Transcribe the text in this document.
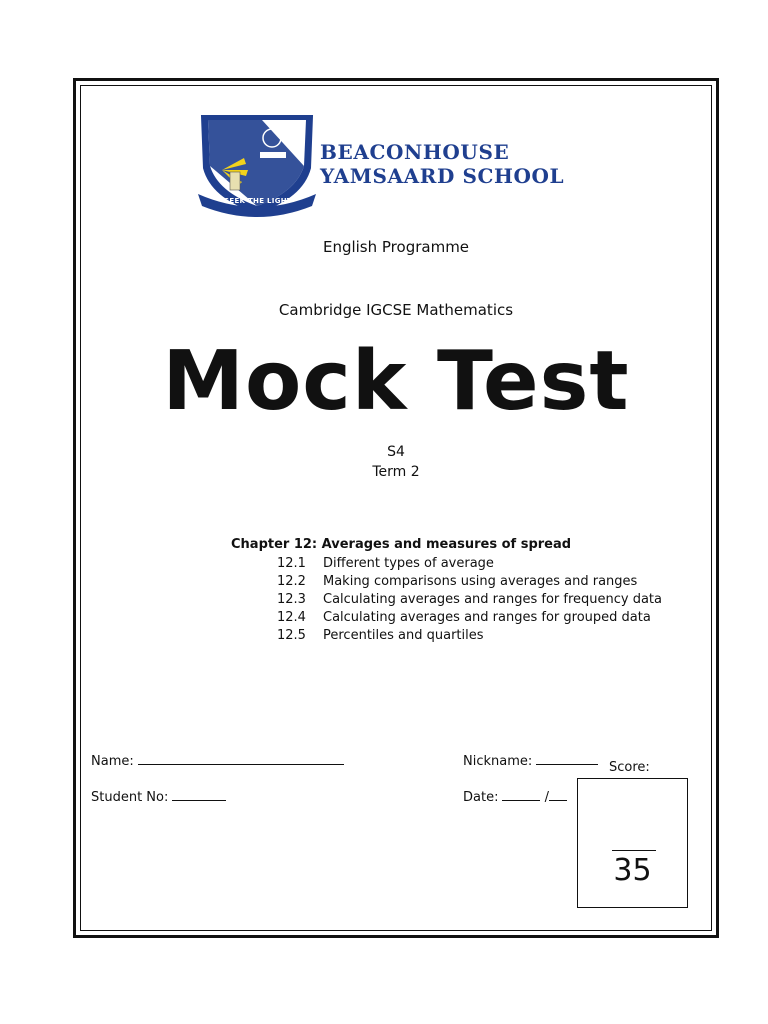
SEEK THE LIGHT
BEACONHOUSE
YAMSAARD SCHOOL
English Programme
Cambridge IGCSE Mathematics
Mock Test
S4
Term 2
Chapter 12: Averages and measures of spread
12.1	Different types of average
12.2	Making comparisons using averages and ranges
12.3	Calculating averages and ranges for frequency data
12.4	Calculating averages and ranges for grouped data
12.5	Percentiles and quartiles
Name:	Nickname:
Student No:	Date:	/
Score:
35
